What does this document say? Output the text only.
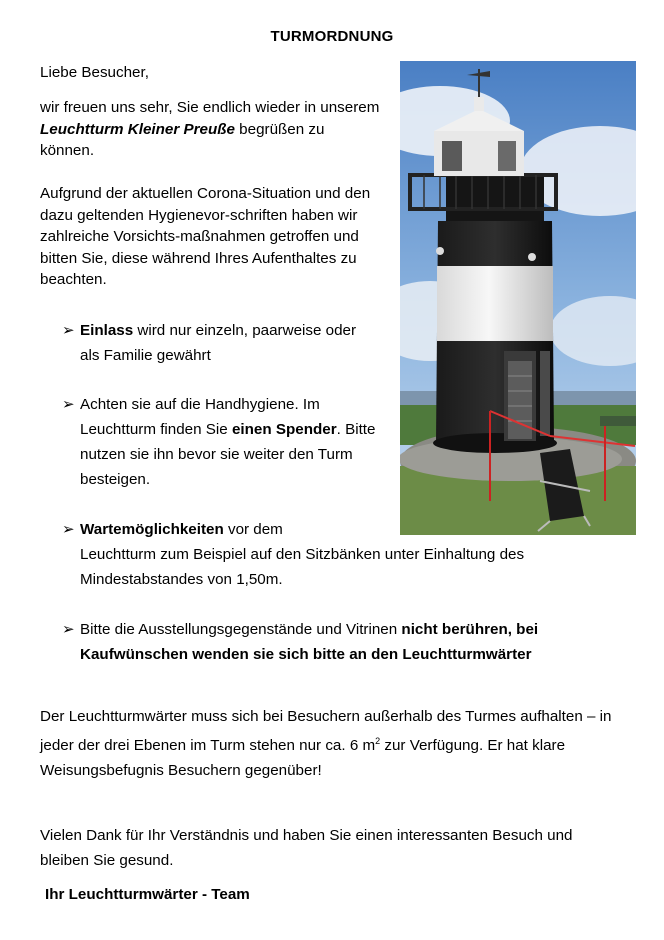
TURMORDNUNG
Liebe Besucher,
wir freuen uns sehr, Sie endlich wieder in unserem Leuchtturm Kleiner Preuße begrüßen zu können.
Aufgrund der aktuellen Corona-Situation und den dazu geltenden Hygienevor-schriften haben wir zahlreiche Vorsichts-maßnahmen getroffen und bitten Sie, diese während Ihres Aufenthaltes zu beachten.
➢ Einlass wird nur einzeln, paarweise oder als Familie gewährt
➢ Achten sie auf die Handhygiene. Im Leuchtturm finden Sie einen Spender. Bitte nutzen sie ihn bevor sie weiter den Turm besteigen.
➢ Wartemöglichkeiten vor dem
Leuchtturm zum Beispiel auf den Sitzbänken unter Einhaltung des Mindestabstandes von 1,50m.
➢ Bitte die Ausstellungsgegenstände und Vitrinen nicht berühren, bei Kaufwünschen wenden sie sich bitte an den Leuchtturmwärter
Der Leuchtturmwärter muss sich bei Besuchern außerhalb des Turmes aufhalten – in jeder der drei Ebenen im Turm stehen nur ca. 6 $m^2$ zur Verfügung. Er hat klare Weisungsbefugnis Besuchern gegenüber!
Vielen Dank für Ihr Verständnis und haben Sie einen interessanten Besuch und bleiben Sie gesund.
Ihr Leuchtturmwärter - Team
